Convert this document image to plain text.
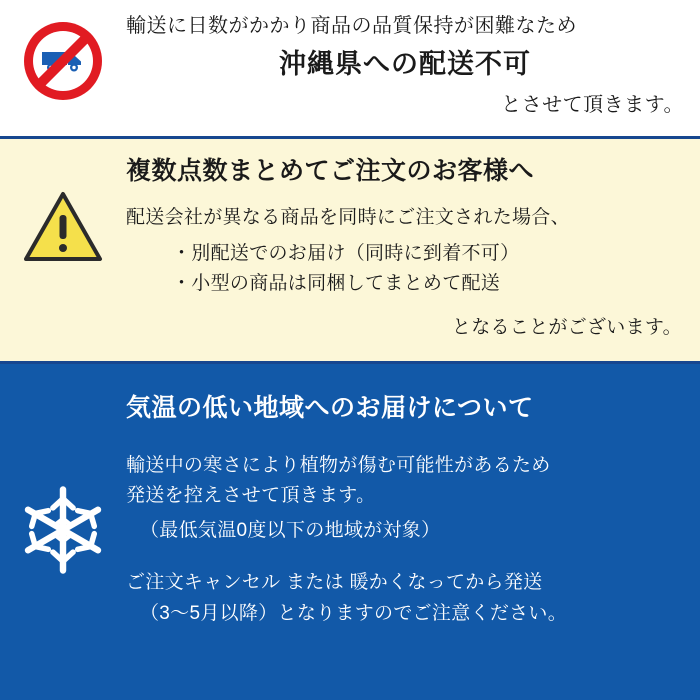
輸送に日数がかかり商品の品質保持が困難なため
沖縄県への配送不可
とさせて頂きます。
複数点数まとめてご注文のお客様へ
配送会社が異なる商品を同時にご注文された場合、
・別配送でのお届け（同時に到着不可）
・小型の商品は同梱してまとめて配送
となることがございます。
気温の低い地域へのお届けについて
輸送中の寒さにより植物が傷む可能性があるため
発送を控えさせて頂きます。
（最低気温0度以下の地域が対象）
ご注文キャンセル または 暖かくなってから発送
（3〜5月以降）となりますのでご注意ください。
